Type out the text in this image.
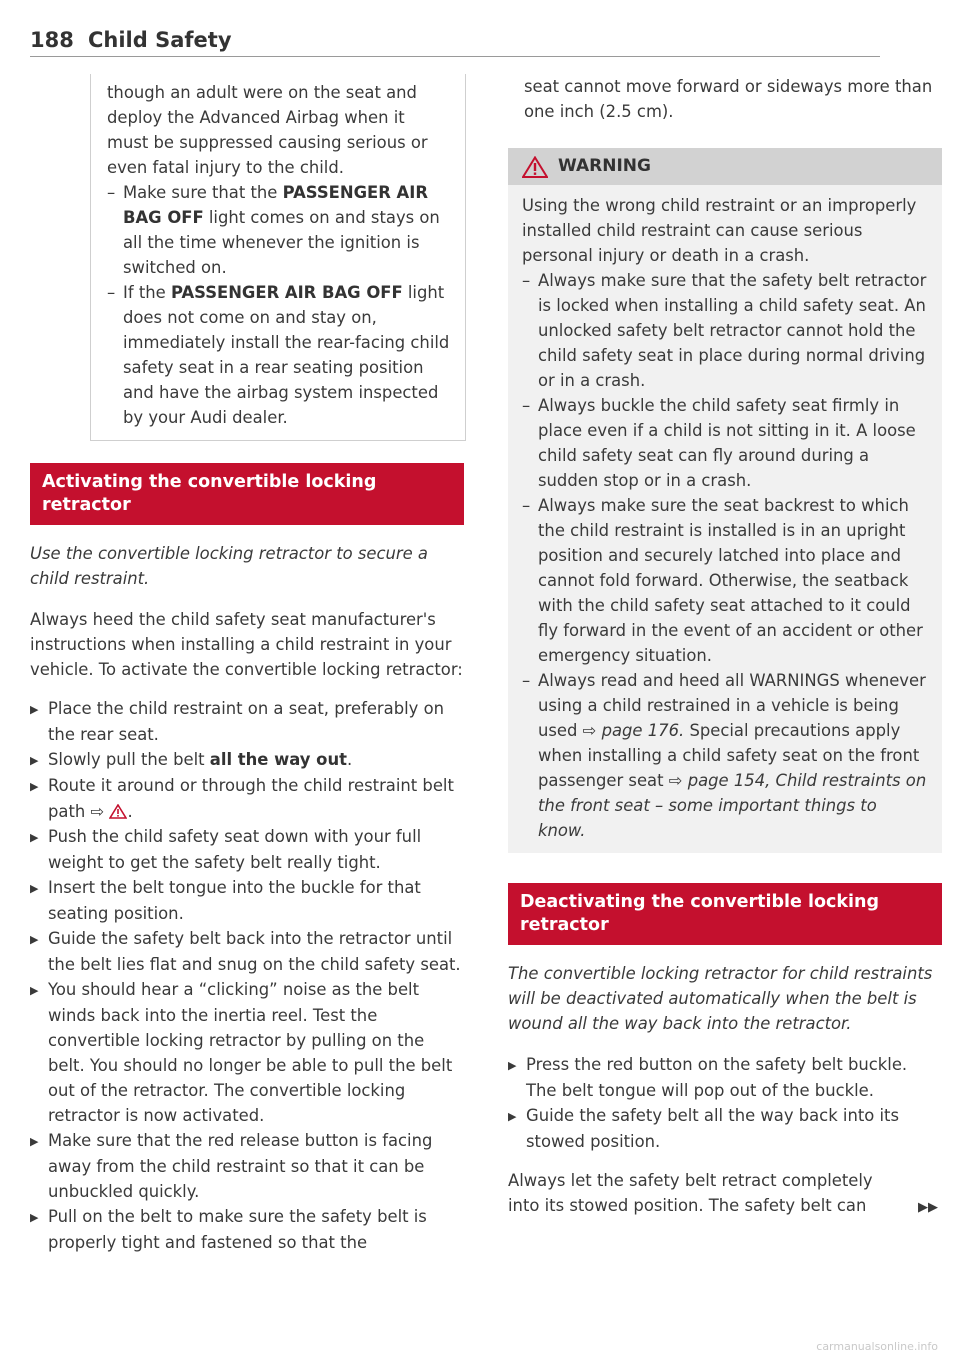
188 Child Safety

though an adult were on the seat and deploy the Advanced Airbag when it must be suppressed causing serious or even fatal injury to the child.

– Make sure that the PASSENGER AIR BAG OFF light comes on and stays on all the time whenever the ignition is switched on.

– If the PASSENGER AIR BAG OFF light does not come on and stay on, immediately install the rear-facing child safety seat in a rear seating position and have the airbag system inspected by your Audi dealer.

Activating the convertible locking retractor

Use the convertible locking retractor to secure a child restraint.

Always heed the child safety seat manufacturer's instructions when installing a child restraint in your vehicle. To activate the convertible locking retractor:

▶ Place the child restraint on a seat, preferably on the rear seat.

▶ Slowly pull the belt all the way out.

▶ Route it around or through the child restraint belt path ⇨ .

▶ Push the child safety seat down with your full weight to get the safety belt really tight.

▶ Insert the belt tongue into the buckle for that seating position.

▶ Guide the safety belt back into the retractor until the belt lies flat and snug on the child safety seat.

▶ You should hear a “clicking” noise as the belt winds back into the inertia reel. Test the convertible locking retractor by pulling on the belt. You should no longer be able to pull the belt out of the retractor. The convertible locking retractor is now activated.

▶ Make sure that the red release button is facing away from the child restraint so that it can be unbuckled quickly.

▶ Pull on the belt to make sure the safety belt is properly tight and fastened so that the

seat cannot move forward or sideways more than one inch (2.5 cm).

WARNING

Using the wrong child restraint or an improperly installed child restraint can cause serious personal injury or death in a crash.

– Always make sure that the safety belt retractor is locked when installing a child safety seat. An unlocked safety belt retractor cannot hold the child safety seat in place during normal driving or in a crash.

– Always buckle the child safety seat firmly in place even if a child is not sitting in it. A loose child safety seat can fly around during a sudden stop or in a crash.

– Always make sure the seat backrest to which the child restraint is installed is in an upright position and securely latched into place and cannot fold forward. Otherwise, the seatback with the child safety seat attached to it could fly forward in the event of an accident or other emergency situation.

– Always read and heed all WARNINGS whenever using a child restrained in a vehicle is being used ⇨ page 176. Special precautions apply when installing a child safety seat on the front passenger seat ⇨ page 154, Child restraints on the front seat – some important things to know.

Deactivating the convertible locking retractor

The convertible locking retractor for child restraints will be deactivated automatically when the belt is wound all the way back into the retractor.

▶ Press the red button on the safety belt buckle. The belt tongue will pop out of the buckle.

▶ Guide the safety belt all the way back into its stowed position.

Always let the safety belt retract completely into its stowed position. The safety belt can	▶▶

carmanualsonline.info
